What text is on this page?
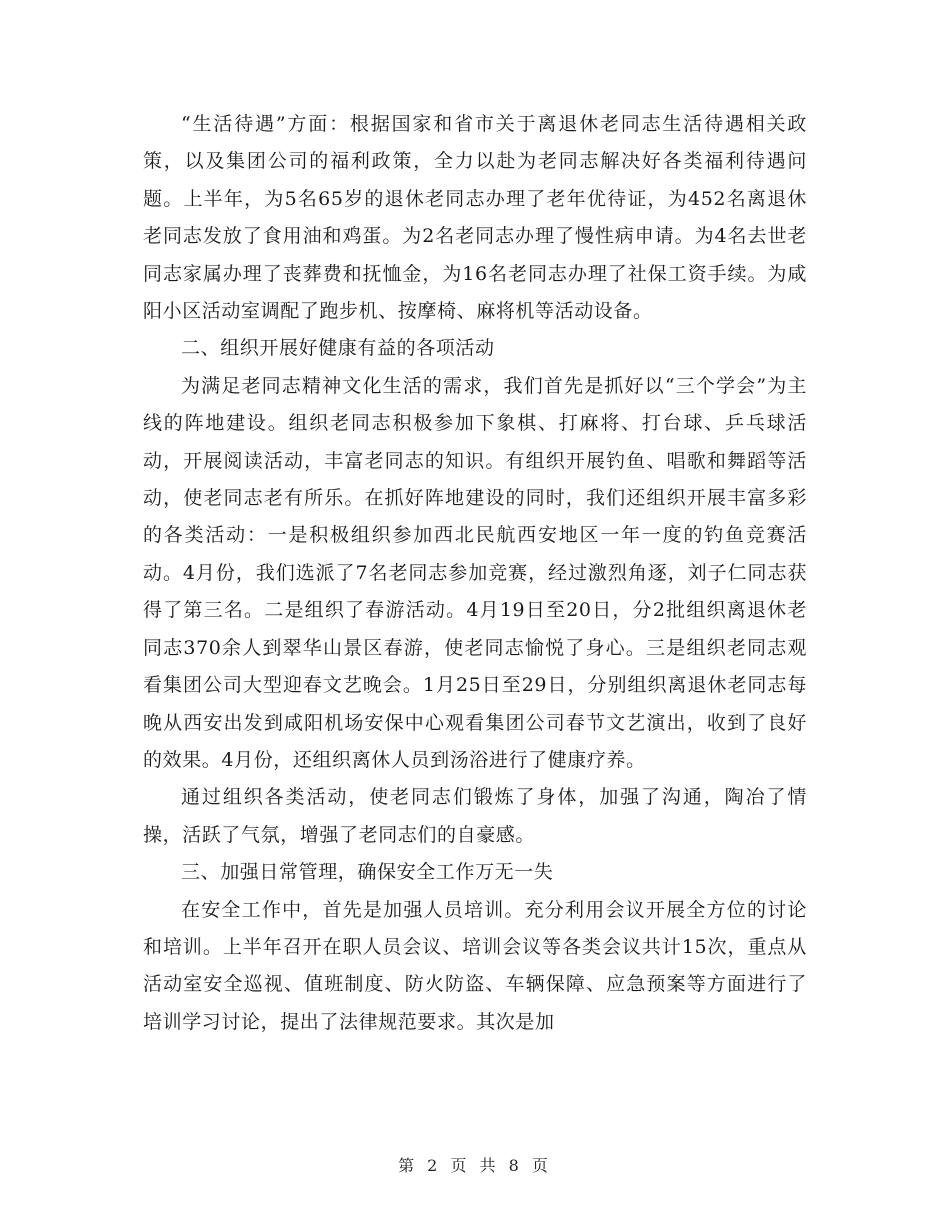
“生活待遇”方面：根据国家和省市关于离退休老同志生活待遇相关政策，以及集团公司的福利政策，全力以赴为老同志解决好各类福利待遇问题。上半年，为5名65岁的退休老同志办理了老年优待证，为452名离退休老同志发放了食用油和鸡蛋。为2名老同志办理了慢性病申请。为4名去世老同志家属办理了丧葬费和抚恤金，为16名老同志办理了社保工资手续。为咸阳小区活动室调配了跑步机、按摩椅、麻将机等活动设备。

二、组织开展好健康有益的各项活动

为满足老同志精神文化生活的需求，我们首先是抓好以“三个学会”为主线的阵地建设。组织老同志积极参加下象棋、打麻将、打台球、乒乓球活动，开展阅读活动，丰富老同志的知识。有组织开展钓鱼、唱歌和舞蹈等活动，使老同志老有所乐。在抓好阵地建设的同时，我们还组织开展丰富多彩的各类活动：一是积极组织参加西北民航西安地区一年一度的钓鱼竞赛活动。4月份，我们选派了7名老同志参加竞赛，经过激烈角逐，刘子仁同志获得了第三名。二是组织了春游活动。4月19日至20日，分2批组织离退休老同志370余人到翠华山景区春游，使老同志愉悦了身心。三是组织老同志观看集团公司大型迎春文艺晚会。1月25日至29日，分别组织离退休老同志每晚从西安出发到咸阳机场安保中心观看集团公司春节文艺演出，收到了良好的效果。4月份，还组织离休人员到汤浴进行了健康疗养。

通过组织各类活动，使老同志们锻炼了身体，加强了沟通，陶冶了情操，活跃了气氛，增强了老同志们的自豪感。

三、加强日常管理，确保安全工作万无一失

在安全工作中，首先是加强人员培训。充分利用会议开展全方位的讨论和培训。上半年召开在职人员会议、培训会议等各类会议共计15次，重点从活动室安全巡视、值班制度、防火防盗、车辆保障、应急预案等方面进行了培训学习讨论，提出了法律规范要求。其次是加

第 2 页 共 8 页
